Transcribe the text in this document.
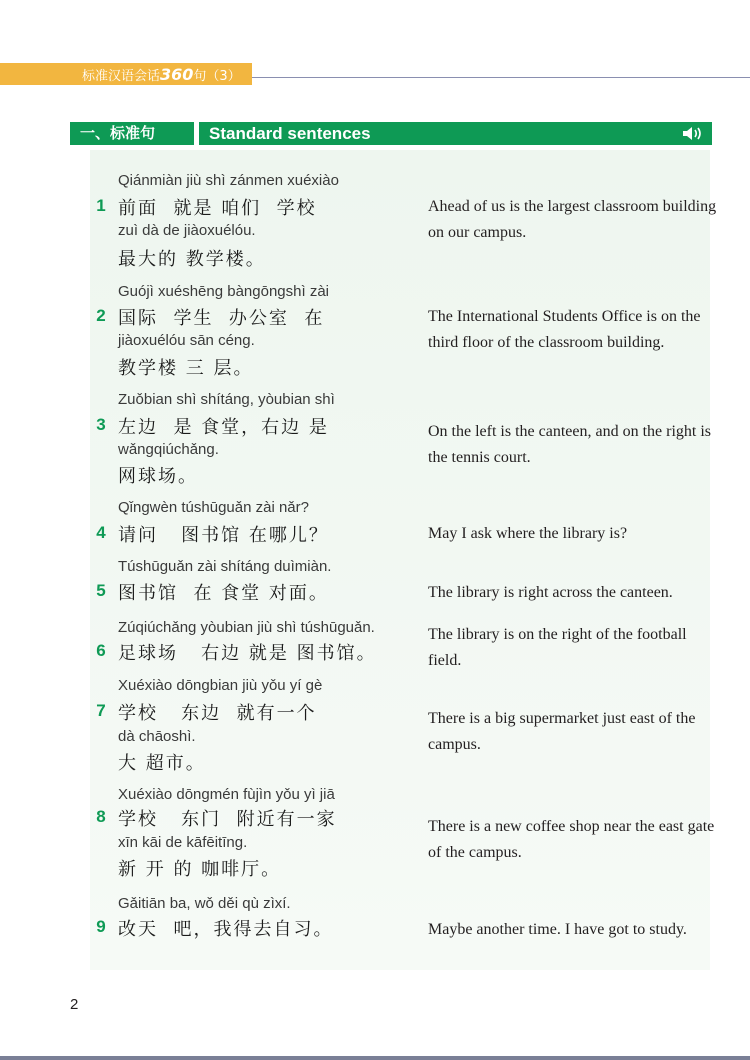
标准汉语会话360句（3）
一、标准句	Standard sentences
Qiánmiàn jiù shì zánmen xuéxiào
1 前面  就是 咱们  学校
zuì dà de jiàoxuélóu.
最大的 教学楼。
Ahead of us is the largest classroom building on our campus.
Guójì xuéshēng bàngōngshì zài
2 国际  学生  办公室  在
jiàoxuélóu sān céng.
教学楼 三 层。
The International Students Office is on the third floor of the classroom building.
Zuǒbian shì shítáng, yòubian shì
3 左边  是 食堂，右边 是
wǎngqiúchǎng.
网球场。
On the left is the canteen, and on the right is the tennis court.
Qǐngwèn túshūguǎn zài nǎr?
4 请问   图书馆 在哪儿？	May I ask where the library is?
Túshūguǎn zài shítáng duìmiàn.
5 图书馆  在 食堂 对面。	The library is right across the canteen.
Zúqiúchǎng yòubian jiù shì túshūguǎn.
6 足球场   右边 就是 图书馆。
The library is on the right of the football field.
Xuéxiào dōngbian jiù yǒu yí gè
7 学校   东边  就有一个
dà chāoshì.
大 超市。
There is a big supermarket just east of the campus.
Xuéxiào dōngmén fùjìn yǒu yì jiā
8 学校   东门  附近有一家
xīn kāi de kāfēitīng.
新 开 的 咖啡厅。
There is a new coffee shop near the east gate of the campus.
Gǎitiān ba, wǒ děi qù zìxí.
9 改天  吧，我得去自习。	Maybe another time. I have got to study.
2
